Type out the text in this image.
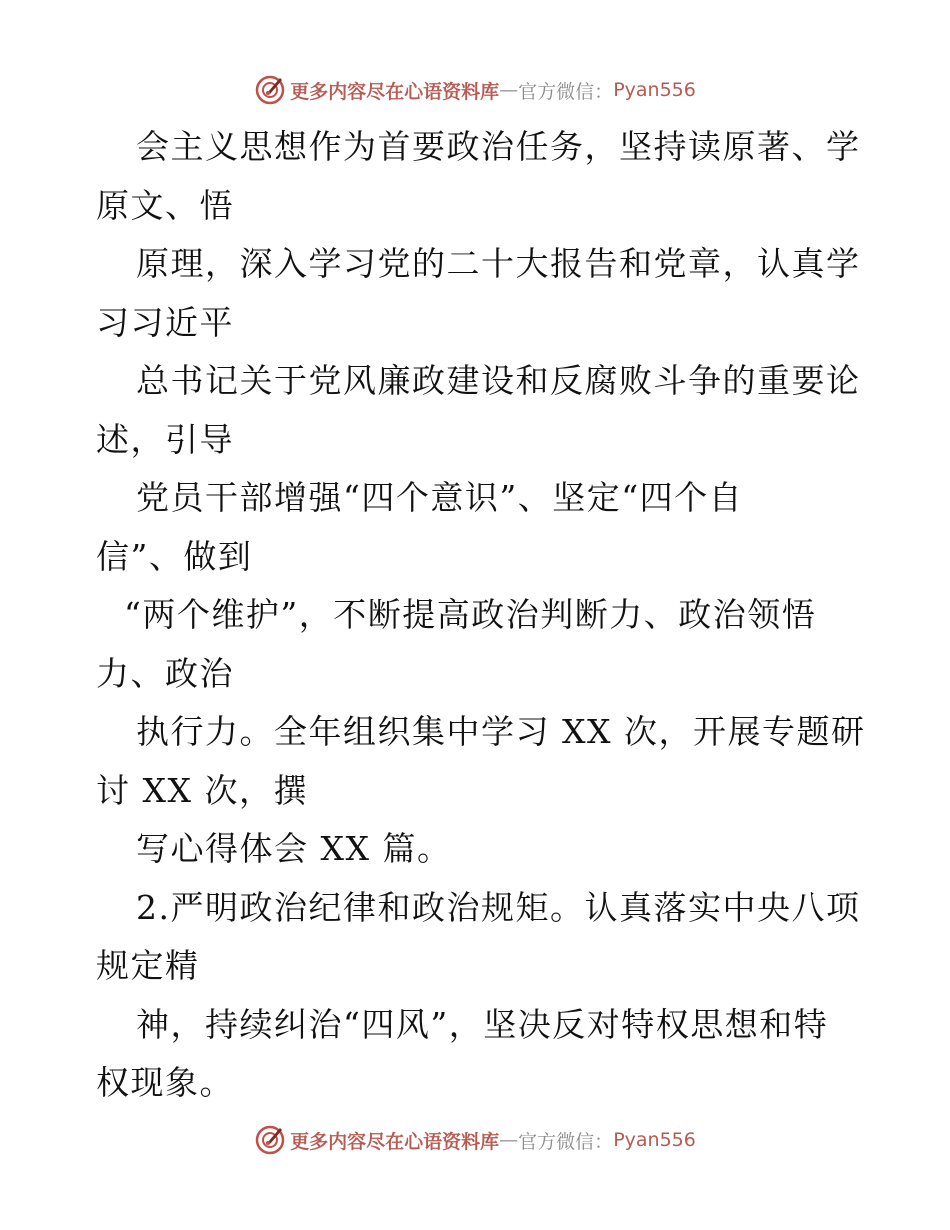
更多内容尽在心语资料库 — 官方微信： Pyan556
会主义思想作为首要政治任务，坚持读原著、学
原文、悟
原理，深入学习党的二十大报告和党章，认真学
习习近平
总书记关于党风廉政建设和反腐败斗争的重要论
述，引导
党员干部增强“四个意识”、坚定“四个自
信”、做到
“两个维护”，不断提高政治判断力、政治领悟
力、政治
执行力。全年组织集中学习 XX 次，开展专题研
讨 XX 次，撰
写心得体会 XX 篇。
2.严明政治纪律和政治规矩。认真落实中央八项
规定精
神，持续纠治“四风”，坚决反对特权思想和特
权现象。
更多内容尽在心语资料库 — 官方微信： Pyan556
